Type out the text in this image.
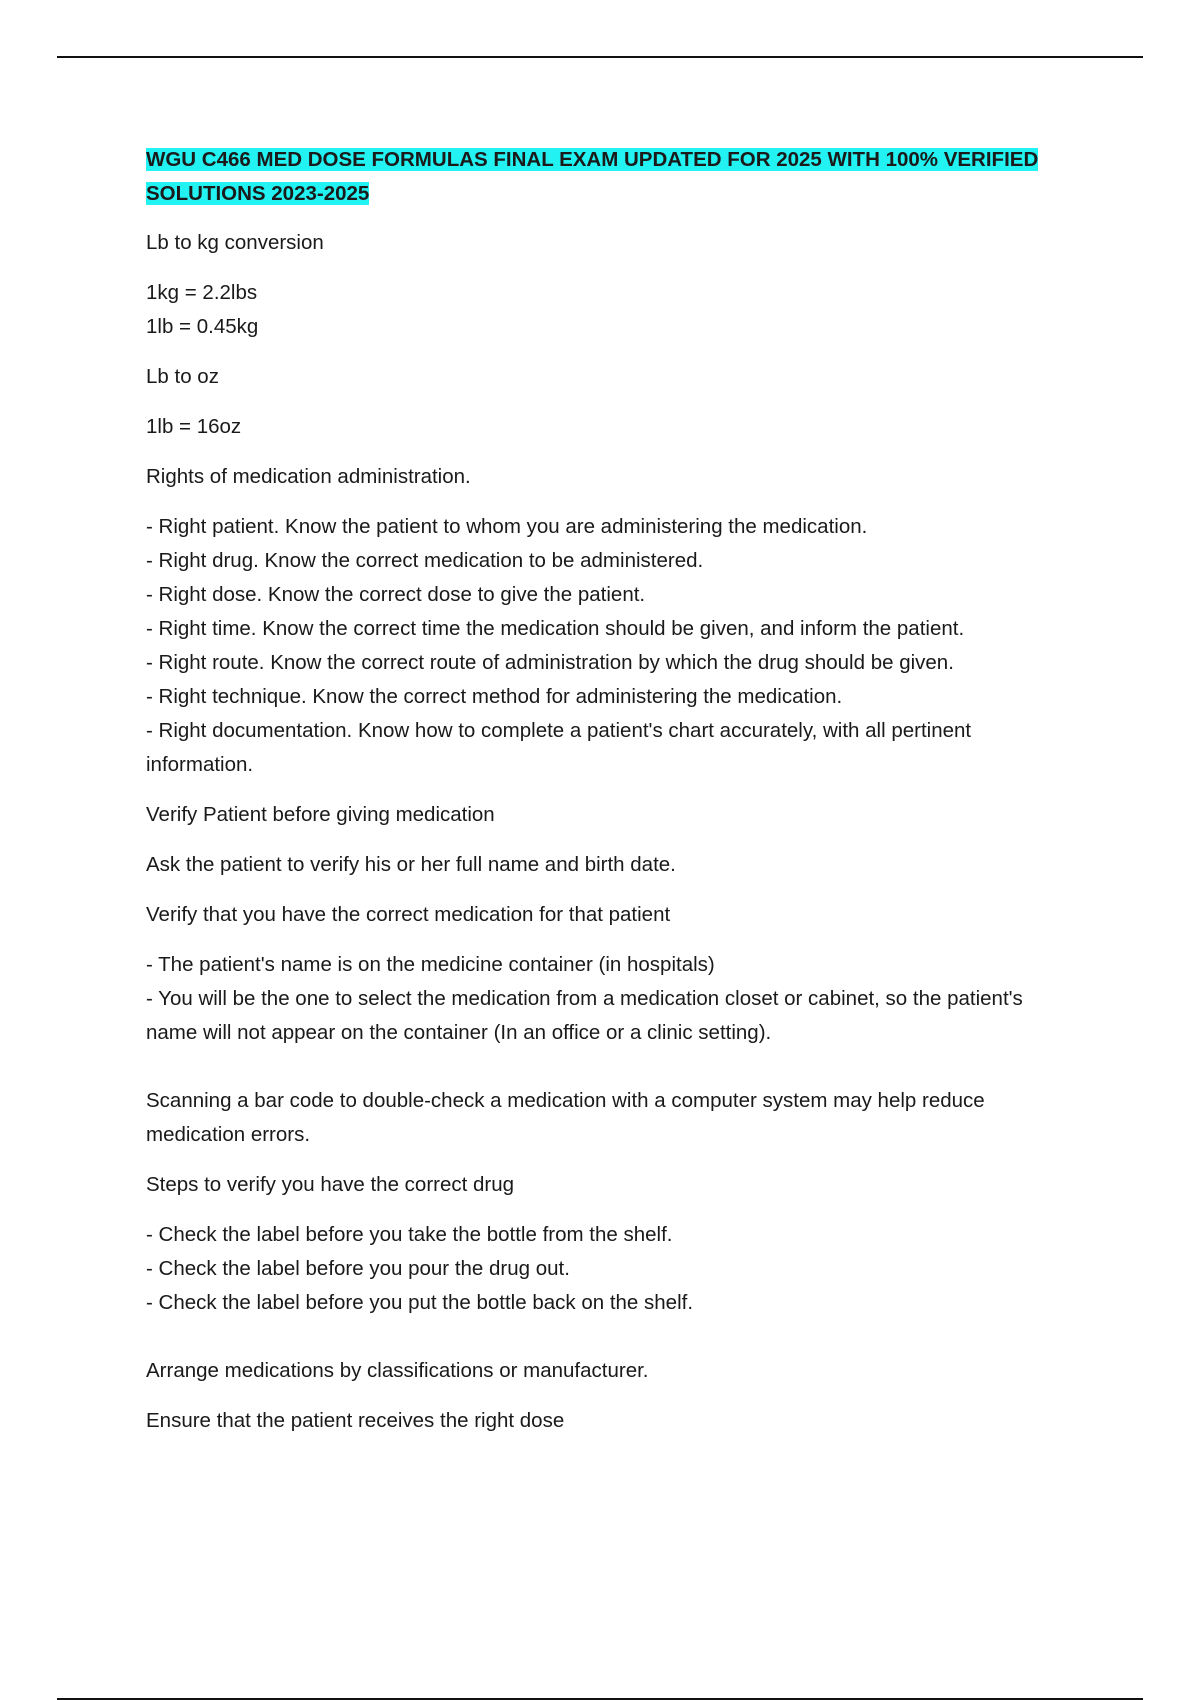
WGU C466 MED DOSE FORMULAS FINAL EXAM UPDATED FOR 2025 WITH 100% VERIFIED SOLUTIONS 2023-2025

Lb to kg conversion

1kg = 2.2lbs
1lb = 0.45kg

Lb to oz

1lb = 16oz

Rights of medication administration.

- Right patient. Know the patient to whom you are administering the medication.
- Right drug. Know the correct medication to be administered.
- Right dose. Know the correct dose to give the patient.
- Right time. Know the correct time the medication should be given, and inform the patient.
- Right route. Know the correct route of administration by which the drug should be given.
- Right technique. Know the correct method for administering the medication.
- Right documentation. Know how to complete a patient's chart accurately, with all pertinent information.

Verify Patient before giving medication

Ask the patient to verify his or her full name and birth date.

Verify that you have the correct medication for that patient

- The patient's name is on the medicine container (in hospitals)
- You will be the one to select the medication from a medication closet or cabinet, so the patient's name will not appear on the container (In an office or a clinic setting).

Scanning a bar code to double-check a medication with a computer system may help reduce medication errors.

Steps to verify you have the correct drug

- Check the label before you take the bottle from the shelf.
- Check the label before you pour the drug out.
- Check the label before you put the bottle back on the shelf.

Arrange medications by classifications or manufacturer.

Ensure that the patient receives the right dose
